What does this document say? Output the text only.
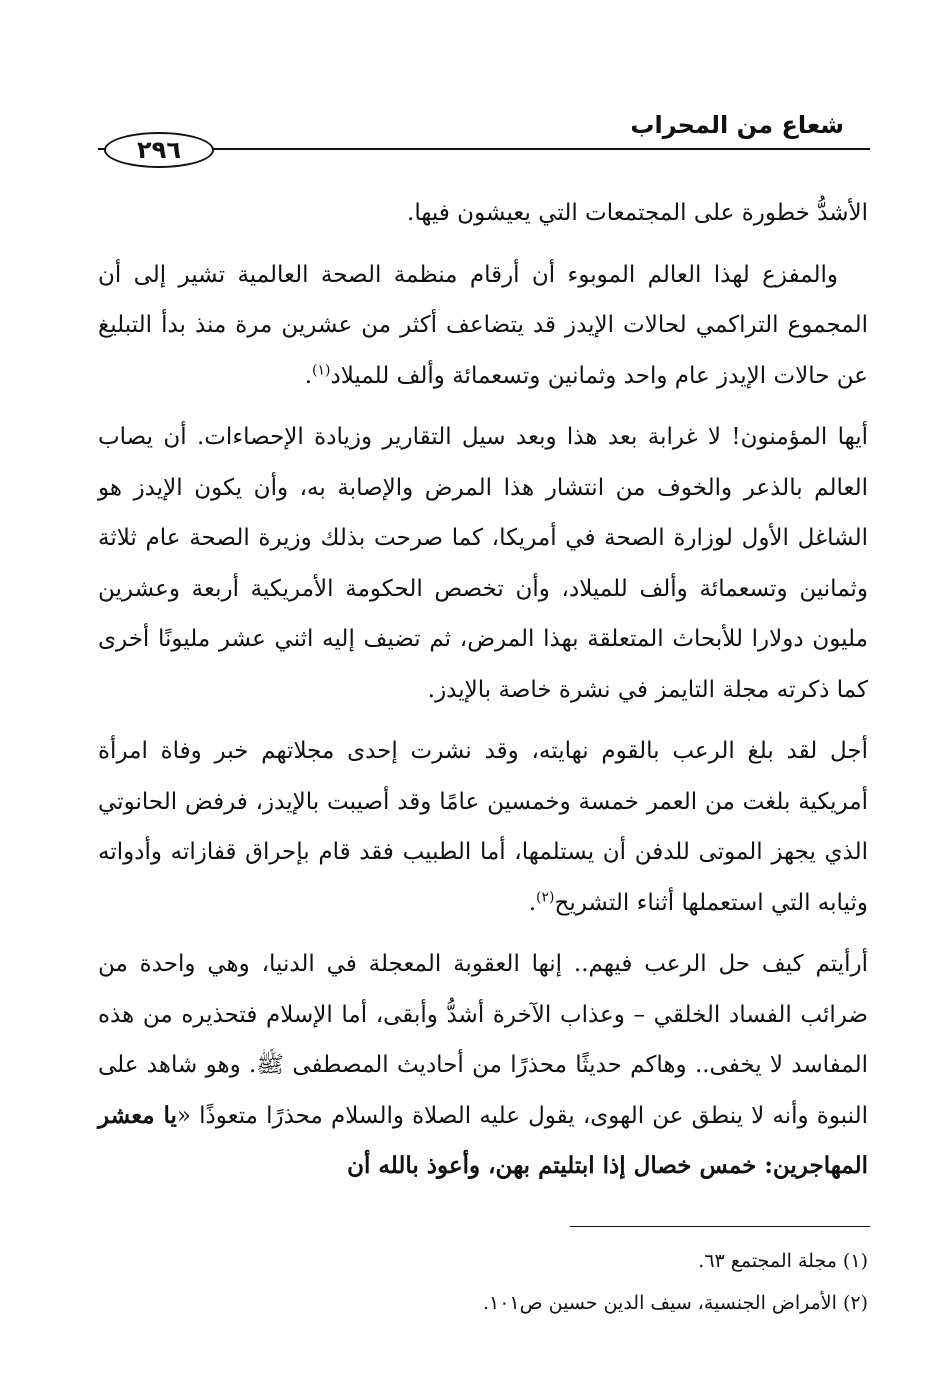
شعاع من المحراب
٢٩٦

الأشدُّ خطورة على المجتمعات التي يعيشون فيها.

والمفزع لهذا العالم الموبوء أن أرقام منظمة الصحة العالمية تشير إلى أن المجموع التراكمي لحالات الإيدز قد يتضاعف أكثر من عشرين مرة منذ بدأ التبليغ عن حالات الإيدز عام واحد وثمانين وتسعمائة وألف للميلاد$^{(١)}$.

أيها المؤمنون! لا غرابة بعد هذا وبعد سيل التقارير وزيادة الإحصاءات. أن يصاب العالم بالذعر والخوف من انتشار هذا المرض والإصابة به، وأن يكون الإيدز هو الشاغل الأول لوزارة الصحة في أمريكا، كما صرحت بذلك وزيرة الصحة عام ثلاثة وثمانين وتسعمائة وألف للميلاد، وأن تخصص الحكومة الأمريكية أربعة وعشرين مليون دولارا للأبحاث المتعلقة بهذا المرض، ثم تضيف إليه اثني عشر مليونًا أخرى كما ذكرته مجلة التايمز في نشرة خاصة بالإيدز.

أجل لقد بلغ الرعب بالقوم نهايته، وقد نشرت إحدى مجلاتهم خبر وفاة امرأة أمريكية بلغت من العمر خمسة وخمسين عامًا وقد أصيبت بالإيدز، فرفض الحانوتي الذي يجهز الموتى للدفن أن يستلمها، أما الطبيب فقد قام بإحراق قفازاته وأدواته وثيابه التي استعملها أثناء التشريح$^{(٢)}$.

أرأيتم كيف حل الرعب فيهم.. إنها العقوبة المعجلة في الدنيا، وهي واحدة من ضرائب الفساد الخلقي – وعذاب الآخرة أشدُّ وأبقى، أما الإسلام فتحذيره من هذه المفاسد لا يخفى.. وهاكم حديثًا محذرًا من أحاديث المصطفى ﷺ. وهو شاهد على النبوة وأنه لا ينطق عن الهوى، يقول عليه الصلاة والسلام محذرًا متعوذًا «يا معشر المهاجرين: خمس خصال إذا ابتليتم بهن، وأعوذ بالله أن

(١) مجلة المجتمع ٦٣.
(٢) الأمراض الجنسية، سيف الدين حسين ص١٠١.
